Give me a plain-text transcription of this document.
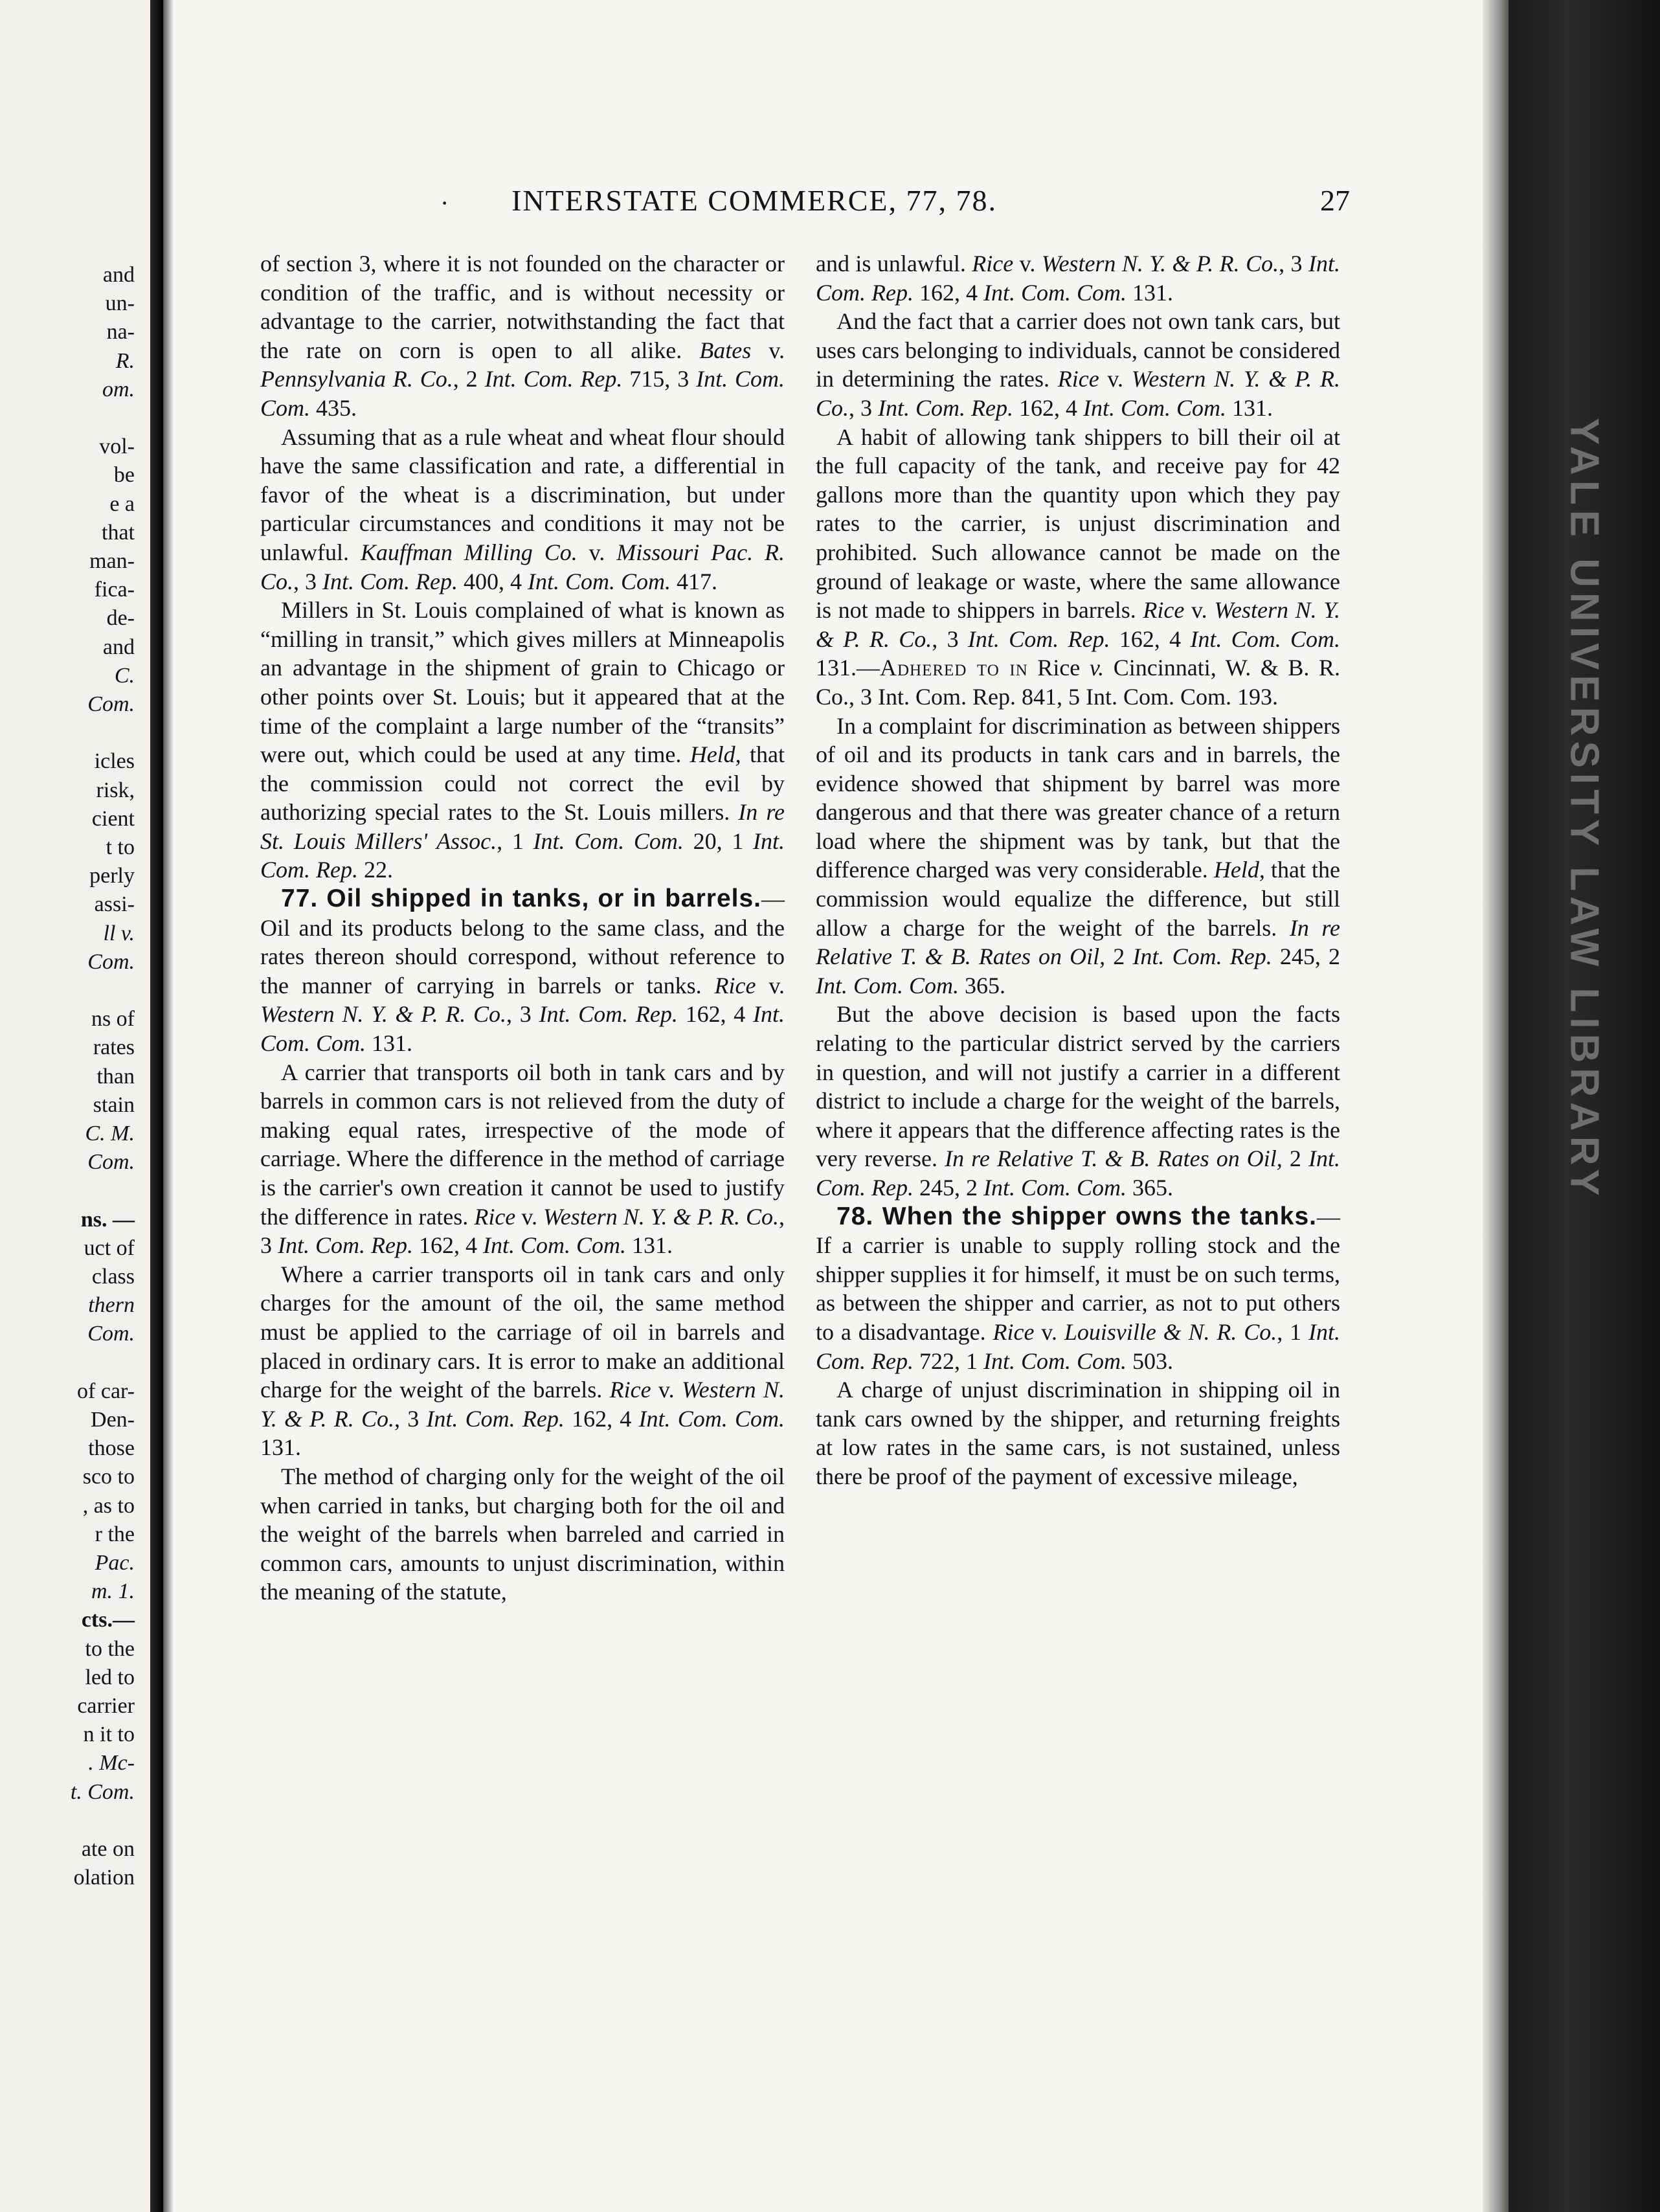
and
un-
na-
R.
om.
vol-
be
e a
that
man-
fica-
de-
and
C.
Com.
icles
risk,
cient
t to
perly
assi-
ll v.
Com.
ns of
rates
than
stain
C. M.
Com.
ns. —
uct of
class
thern
Com.
of car-
Den-
those
sco to
, as to
r the
Pac.
m. 1.
cts.—
to the
led to
carrier
n it to
. Mc-
t. Com.
ate on
olation
· INTERSTATE COMMERCE, 77, 78.	27

of section 3, where it is not founded on the character or condition of the traffic, and is without necessity or advantage to the carrier, notwithstanding the fact that the rate on corn is open to all alike. Bates v. Pennsylvania R. Co., 2 Int. Com. Rep. 715, 3 Int. Com. Com. 435.

Assuming that as a rule wheat and wheat flour should have the same classification and rate, a differential in favor of the wheat is a discrimination, but under particular circumstances and conditions it may not be unlawful. Kauffman Milling Co. v. Missouri Pac. R. Co., 3 Int. Com. Rep. 400, 4 Int. Com. Com. 417.

Millers in St. Louis complained of what is known as “milling in transit,” which gives millers at Minneapolis an advantage in the shipment of grain to Chicago or other points over St. Louis; but it appeared that at the time of the complaint a large number of the “transits” were out, which could be used at any time. Held, that the commission could not correct the evil by authorizing special rates to the St. Louis millers. In re St. Louis Millers' Assoc., 1 Int. Com. Com. 20, 1 Int. Com. Rep. 22.

77. Oil shipped in tanks, or in barrels.—Oil and its products belong to the same class, and the rates thereon should correspond, without reference to the manner of carrying in barrels or tanks. Rice v. Western N. Y. & P. R. Co., 3 Int. Com. Rep. 162, 4 Int. Com. Com. 131.

A carrier that transports oil both in tank cars and by barrels in common cars is not relieved from the duty of making equal rates, irrespective of the mode of carriage. Where the difference in the method of carriage is the carrier's own creation it cannot be used to justify the difference in rates. Rice v. Western N. Y. & P. R. Co., 3 Int. Com. Rep. 162, 4 Int. Com. Com. 131.

Where a carrier transports oil in tank cars and only charges for the amount of the oil, the same method must be applied to the carriage of oil in barrels and placed in ordinary cars. It is error to make an additional charge for the weight of the barrels. Rice v. Western N. Y. & P. R. Co., 3 Int. Com. Rep. 162, 4 Int. Com. Com. 131.

The method of charging only for the weight of the oil when carried in tanks, but charging both for the oil and the weight of the barrels when barreled and carried in common cars, amounts to unjust discrimination, within the meaning of the statute,

and is unlawful. Rice v. Western N. Y. & P. R. Co., 3 Int. Com. Rep. 162, 4 Int. Com. Com. 131.

And the fact that a carrier does not own tank cars, but uses cars belonging to individuals, cannot be considered in determining the rates. Rice v. Western N. Y. & P. R. Co., 3 Int. Com. Rep. 162, 4 Int. Com. Com. 131.

A habit of allowing tank shippers to bill their oil at the full capacity of the tank, and receive pay for 42 gallons more than the quantity upon which they pay rates to the carrier, is unjust discrimination and prohibited. Such allowance cannot be made on the ground of leakage or waste, where the same allowance is not made to shippers in barrels. Rice v. Western N. Y. & P. R. Co., 3 Int. Com. Rep. 162, 4 Int. Com. Com. 131.—Adhered to in Rice v. Cincinnati, W. & B. R. Co., 3 Int. Com. Rep. 841, 5 Int. Com. Com. 193.

In a complaint for discrimination as between shippers of oil and its products in tank cars and in barrels, the evidence showed that shipment by barrel was more dangerous and that there was greater chance of a return load where the shipment was by tank, but that the difference charged was very considerable. Held, that the commission would equalize the difference, but still allow a charge for the weight of the barrels. In re Relative T. & B. Rates on Oil, 2 Int. Com. Rep. 245, 2 Int. Com. Com. 365.

But the above decision is based upon the facts relating to the particular district served by the carriers in question, and will not justify a carrier in a different district to include a charge for the weight of the barrels, where it appears that the difference affecting rates is the very reverse. In re Relative T. & B. Rates on Oil, 2 Int. Com. Rep. 245, 2 Int. Com. Com. 365.

78. When the shipper owns the tanks.—If a carrier is unable to supply rolling stock and the shipper supplies it for himself, it must be on such terms, as between the shipper and carrier, as not to put others to a disadvantage. Rice v. Louisville & N. R. Co., 1 Int. Com. Rep. 722, 1 Int. Com. Com. 503.

A charge of unjust discrimination in shipping oil in tank cars owned by the shipper, and returning freights at low rates in the same cars, is not sustained, unless there be proof of the payment of excessive mileage,

YALE UNIVERSITY LAW LIBRARY
